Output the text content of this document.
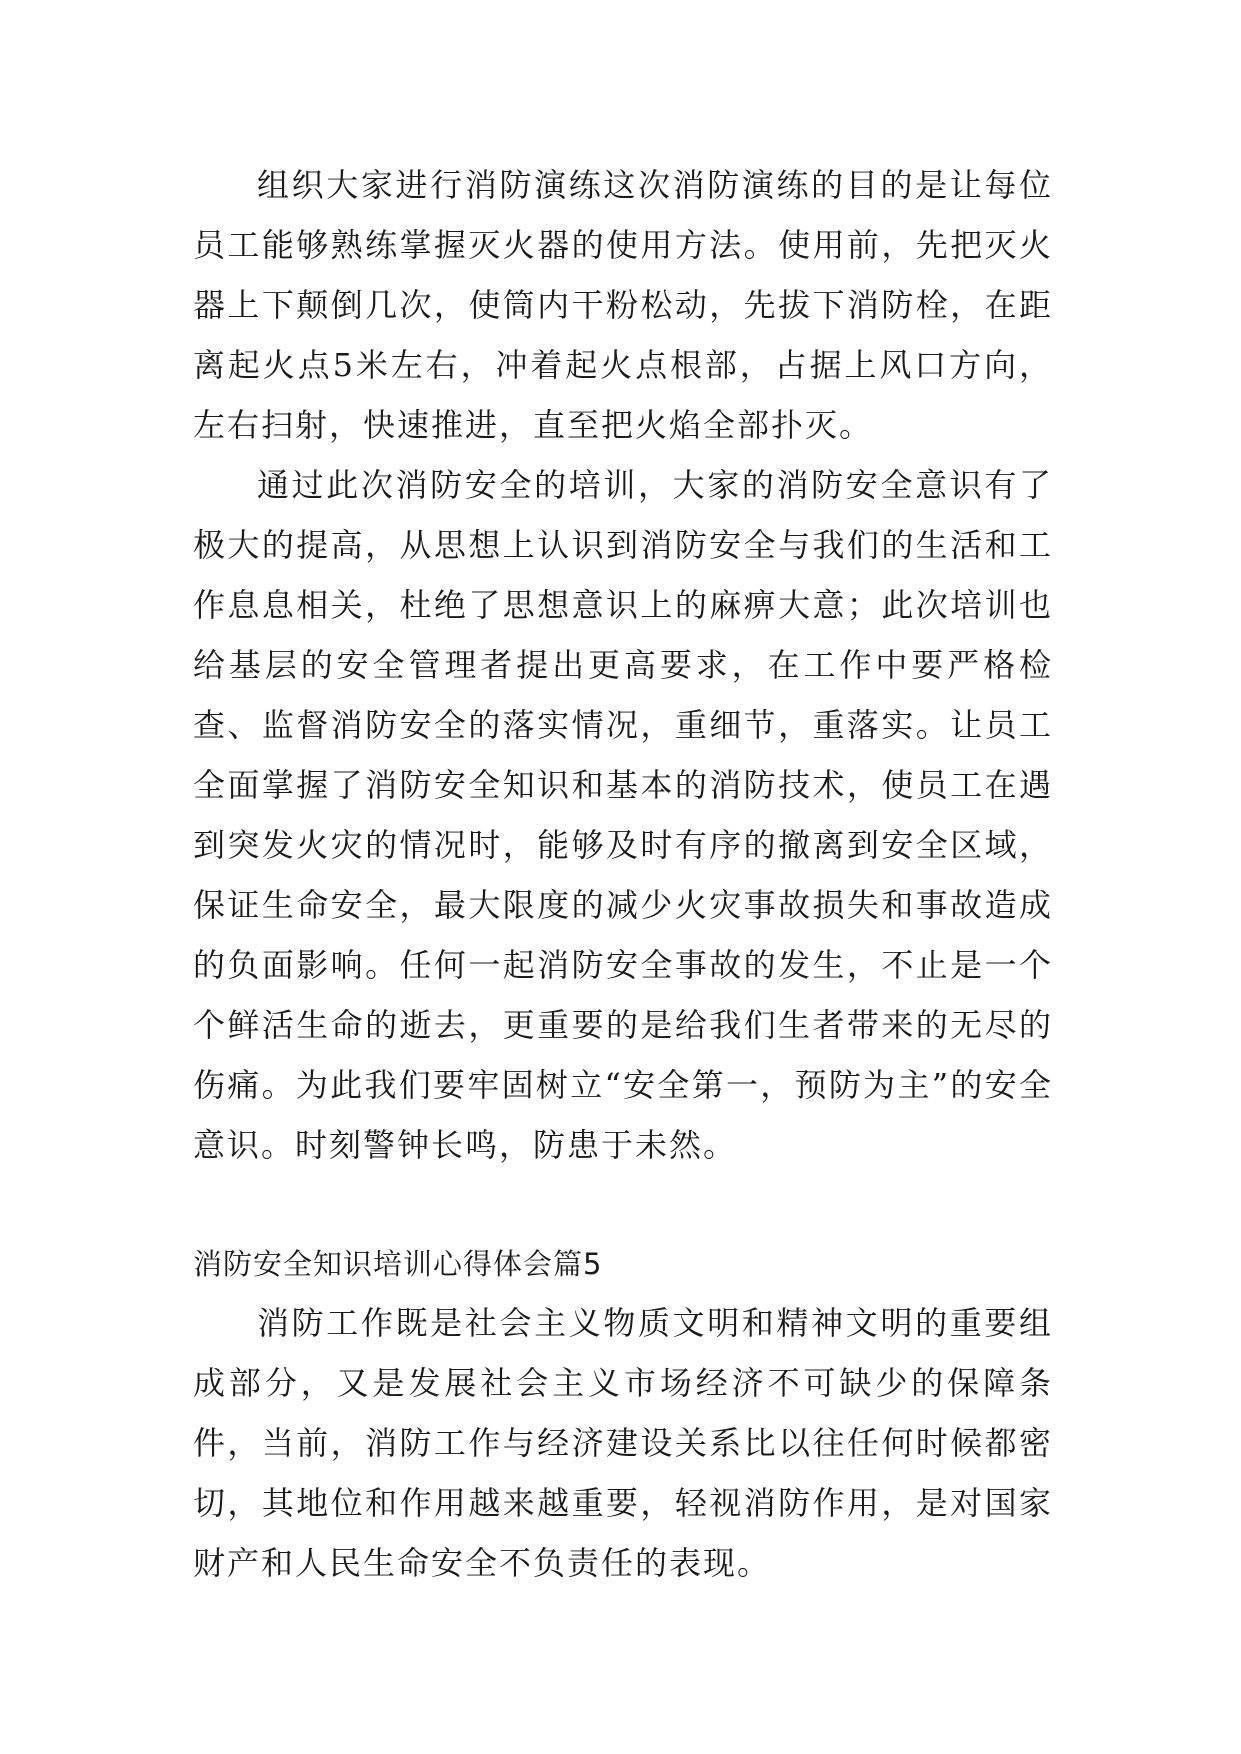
组织大家进行消防演练这次消防演练的目的是让每位员工能够熟练掌握灭火器的使用方法。使用前，先把灭火器上下颠倒几次，使筒内干粉松动，先拔下消防栓，在距离起火点5米左右，冲着起火点根部，占据上风口方向，左右扫射，快速推进，直至把火焰全部扑灭。

通过此次消防安全的培训，大家的消防安全意识有了极大的提高，从思想上认识到消防安全与我们的生活和工作息息相关，杜绝了思想意识上的麻痹大意；此次培训也给基层的安全管理者提出更高要求，在工作中要严格检查、监督消防安全的落实情况，重细节，重落实。让员工全面掌握了消防安全知识和基本的消防技术，使员工在遇到突发火灾的情况时，能够及时有序的撤离到安全区域，保证生命安全，最大限度的减少火灾事故损失和事故造成的负面影响。任何一起消防安全事故的发生，不止是一个个鲜活生命的逝去，更重要的是给我们生者带来的无尽的伤痛。为此我们要牢固树立“安全第一，预防为主”的安全意识。时刻警钟长鸣，防患于未然。

消防安全知识培训心得体会篇5

消防工作既是社会主义物质文明和精神文明的重要组成部分，又是发展社会主义市场经济不可缺少的保障条件，当前，消防工作与经济建设关系比以往任何时候都密切，其地位和作用越来越重要，轻视消防作用，是对国家财产和人民生命安全不负责任的表现。
